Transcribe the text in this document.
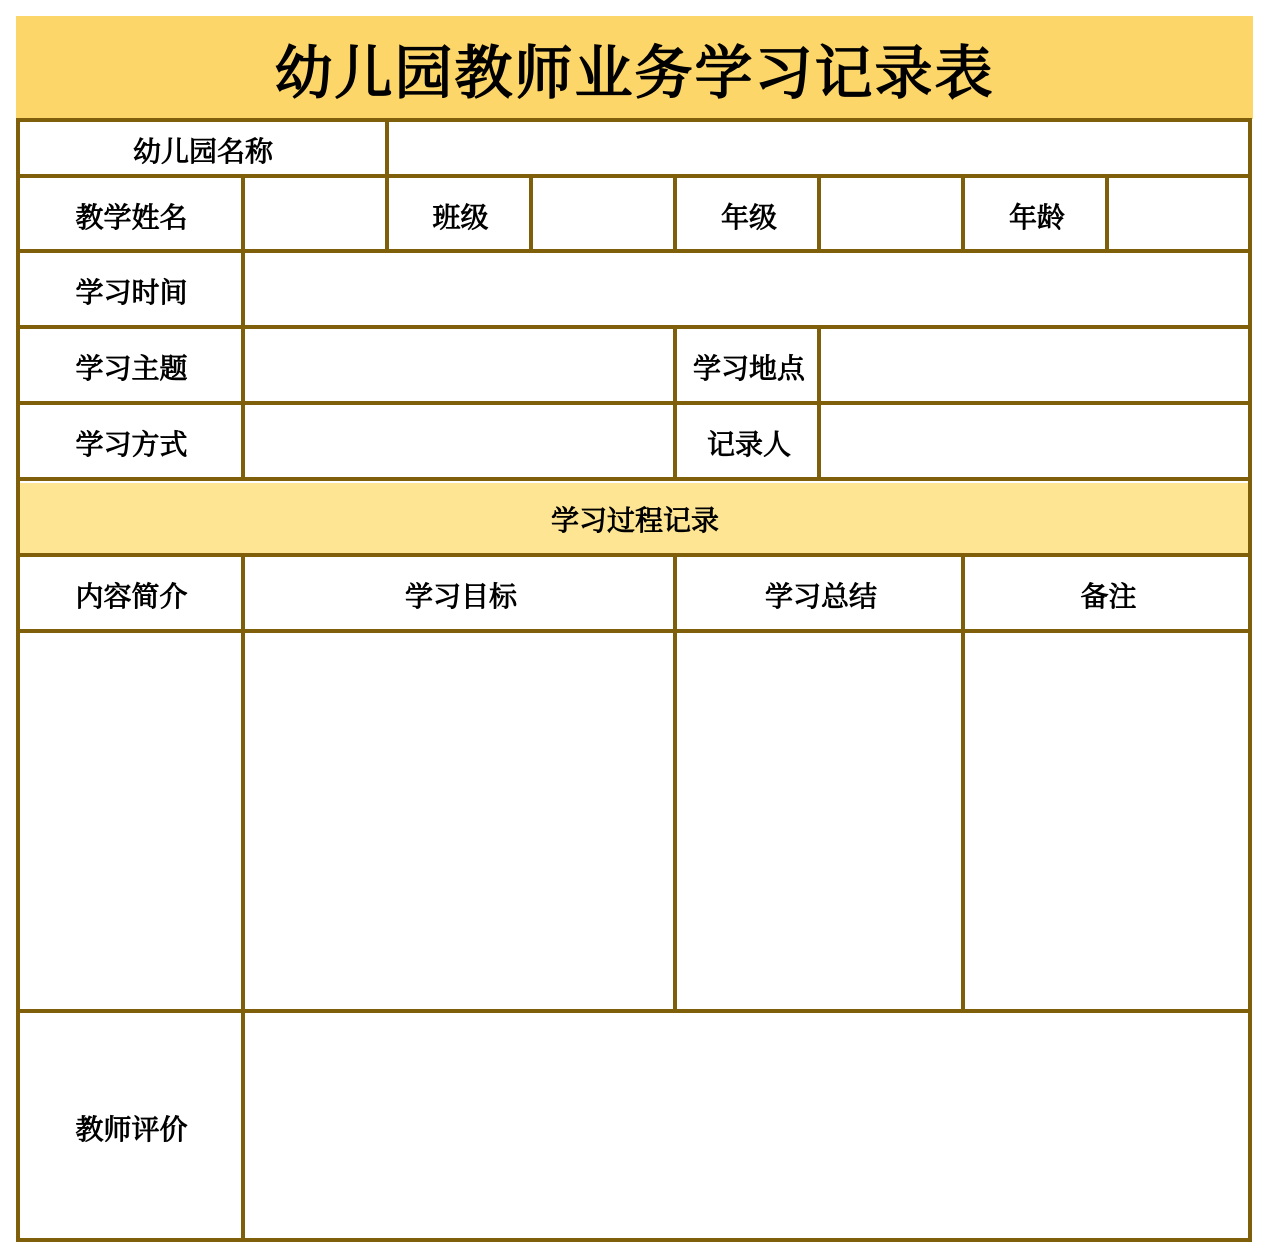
幼儿园教师业务学习记录表
幼儿园名称
教学姓名	班级	年级	年龄
学习时间
学习主题	学习地点
学习方式	记录人
学习过程记录
内容简介	学习目标	学习总结	备注
教师评价
